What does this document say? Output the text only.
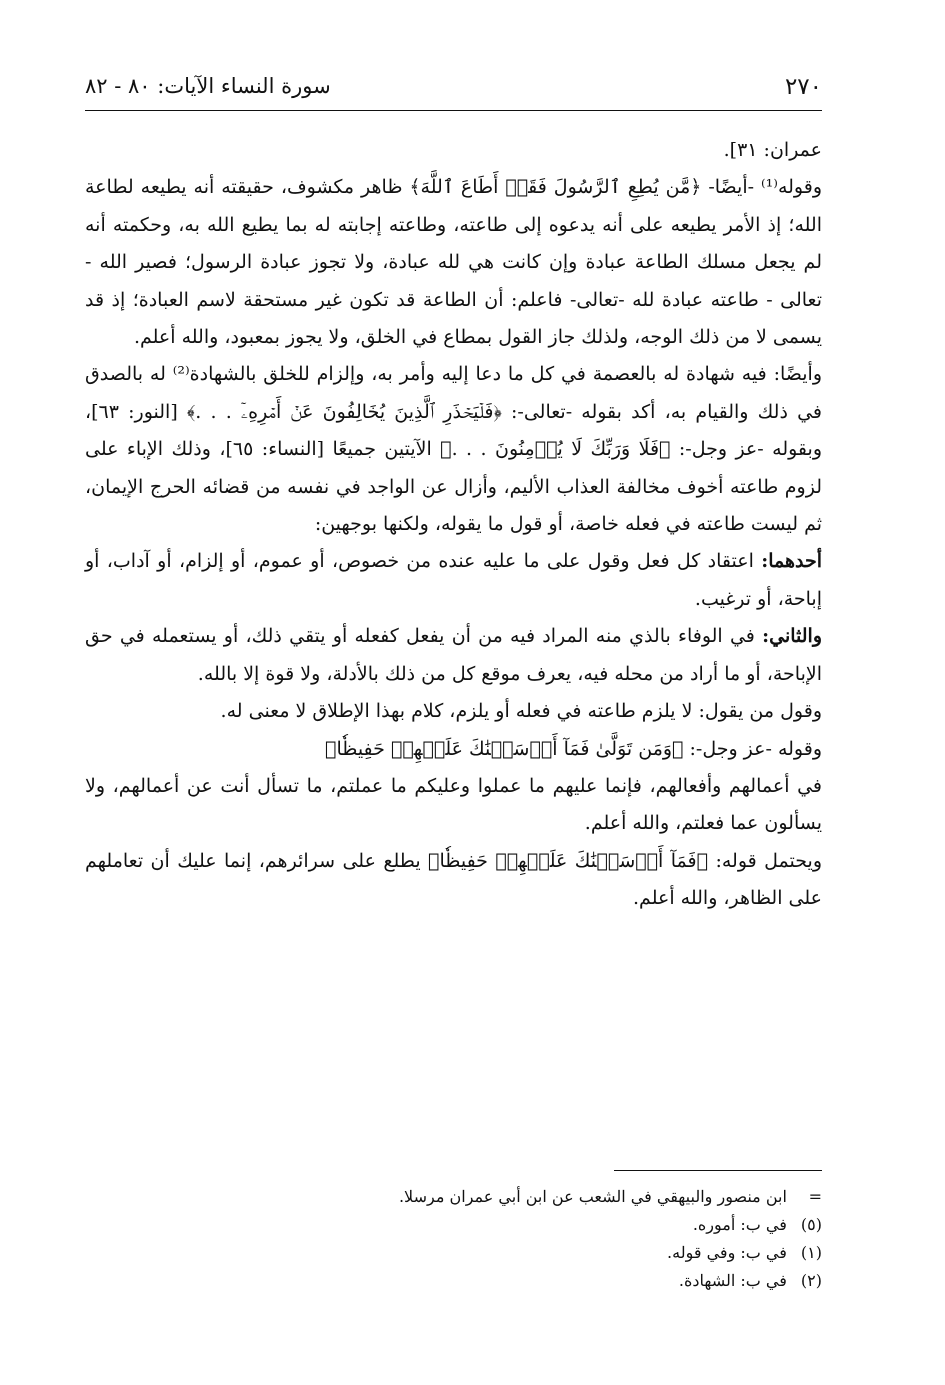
٢٧٠
سورة النساء الآيات: ٨٠ - ٨٢

عمران: ٣١].

وقوله⁽¹⁾ -أيضًا- ﴿مَّن يُطِعِ ٱلرَّسُولَ فَقَدۡ أَطَاعَ ٱللَّهَ﴾ ظاهر مكشوف، حقيقته أنه يطيعه لطاعة الله؛ إذ الأمر يطيعه على أنه يدعوه إلى طاعته، وطاعته إجابته له بما يطيع الله به، وحكمته أنه لم يجعل مسلك الطاعة عبادة وإن كانت هي لله عبادة، ولا تجوز عبادة الرسول؛ فصير الله - تعالى - طاعته عبادة لله -تعالى- فاعلم: أن الطاعة قد تكون غير مستحقة لاسم العبادة؛ إذ قد يسمى لا من ذلك الوجه، ولذلك جاز القول بمطاع في الخلق، ولا يجوز بمعبود، والله أعلم.

وأيضًا: فيه شهادة له بالعصمة في كل ما دعا إليه وأمر به، وإلزام للخلق بالشهادة⁽²⁾ له بالصدق في ذلك والقيام به، أكد بقوله -تعالى-: ﴿فَلۡيَحۡذَرِ ٱلَّذِينَ يُخَالِفُونَ عَنۡ أَمۡرِهِۦٓ . . .﴾ [النور: ٦٣]، وبقوله -عز وجل-: ﴿فَلَا وَرَبِّكَ لَا يُؤۡمِنُونَ . . .﴾ الآيتين جميعًا [النساء: ٦٥]، وذلك الإباء على لزوم طاعته أخوف مخالفة العذاب الأليم، وأزال عن الواجد في نفسه من قضائه الحرج الإيمان، ثم ليست طاعته في فعله خاصة، أو قول ما يقوله، ولكنها بوجهين:

أحدهما: اعتقاد كل فعل وقول على ما عليه عنده من خصوص، أو عموم، أو إلزام، أو آداب، أو إباحة، أو ترغيب.

والثاني: في الوفاء بالذي منه المراد فيه من أن يفعل كفعله أو يتقي ذلك، أو يستعمله في حق الإباحة، أو ما أراد من محله فيه، يعرف موقع كل من ذلك بالأدلة، ولا قوة إلا بالله.

وقول من يقول: لا يلزم طاعته في فعله أو يلزم، كلام بهذا الإطلاق لا معنى له.

وقوله -عز وجل-: ﴿وَمَن تَوَلَّىٰ فَمَآ أَرۡسَلۡنَٰكَ عَلَيۡهِمۡ حَفِيظٗا﴾

في أعمالهم وأفعالهم، فإنما عليهم ما عملوا وعليكم ما عملتم، ما تسأل أنت عن أعمالهم، ولا يسألون عما فعلتم، والله أعلم.

ويحتمل قوله: ﴿فَمَآ أَرۡسَلۡنَٰكَ عَلَيۡهِمۡ حَفِيظٗا﴾ يطلع على سرائرهم، إنما عليك أن تعاملهم على الظاهر، والله أعلم.

= ابن منصور والبيهقي في الشعب عن ابن أبي عمران مرسلا.

(٥) في ب: أموره.

(١) في ب: وفي قوله.

(٢) في ب: الشهادة.
